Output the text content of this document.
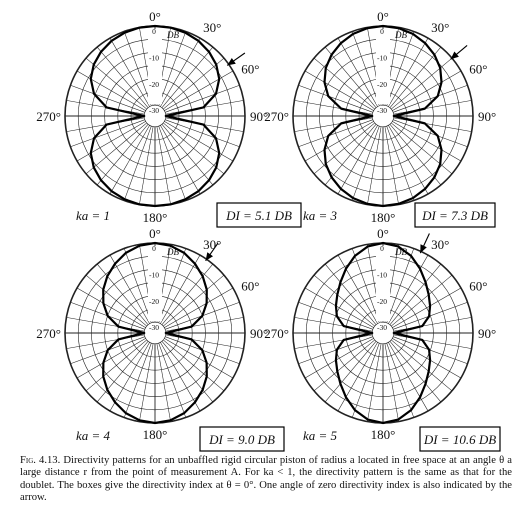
0
-10
-20
-30
DB
0°
30°
60°
90°
270°
180°
ka = 1	DI = 5.1 DB
0
-10
-20
-30
DB
0°
30°
60°
90°
270°
180°
ka = 3	DI = 7.3 DB
0
-10
-20
-30
DB
0°
30°
60°
90°
270°
180°
ka = 4	DI = 9.0 DB
0
-10
-20
-30
DB
0°
30°
60°
90°
270°
180°
ka = 5	DI = 10.6 DB
Fig. 4.13. Directivity patterns for an unbaffled rigid circular piston of radius a located in free space at an angle θ a large distance r from the point of measurement A. For ka < 1, the directivity pattern is the same as that for the doublet. The boxes give the directivity index at θ = 0°. One angle of zero directivity index is also indicated by the arrow.
